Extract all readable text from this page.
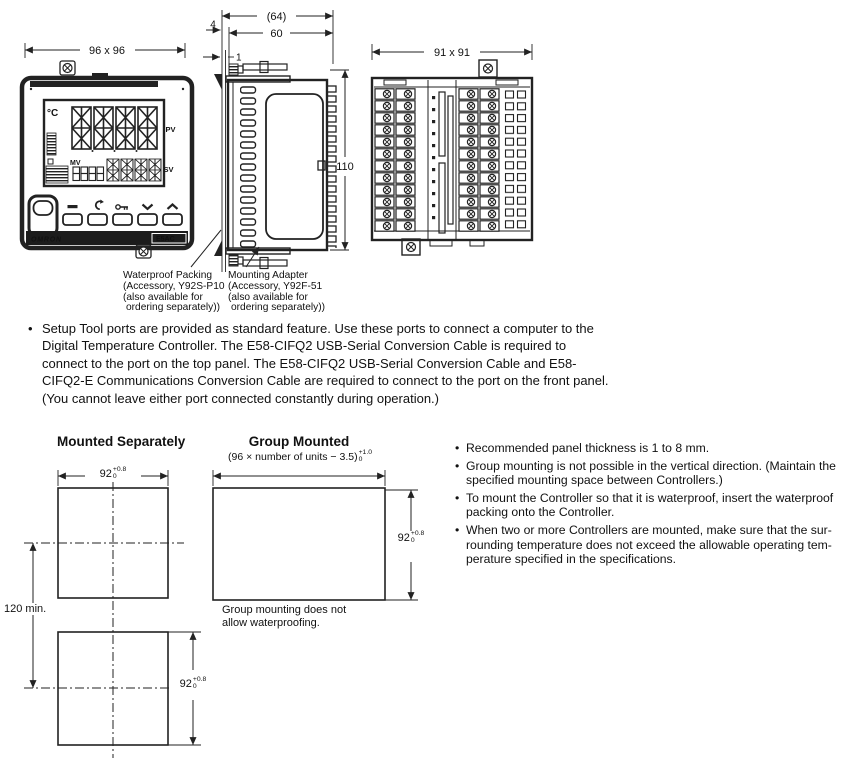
96 x 96
°C
PV
MV
SV
OMRON	E5AC
(64)
60
4
1
110
91 x 91
Waterproof Packing
(Accessory, Y92S-P10
(also available for
ordering separately))
Mounting Adapter
(Accessory, Y92F-51
(also available for
ordering separately))
• Setup Tool ports are provided as standard feature. Use these ports to connect a computer to the
Digital Temperature Controller. The E58-CIFQ2 USB-Serial Conversion Cable is required to
connect to the port on the top panel. The E58-CIFQ2 USB-Serial Conversion Cable and E58-
CIFQ2-E Communications Conversion Cable are required to connect to the port on the front panel.
(You cannot leave either port connected constantly during operation.)
Mounted Separately	Group Mounted
(96 × number of units − 3.5) +1.0
0
92 +0.8
0
120 min.
92 +0.8
0
92 +0.8
0
Group mounting does not
allow waterproofing.
• Recommended panel thickness is 1 to 8 mm.
• Group mounting is not possible in the vertical direction. (Maintain the
specified mounting space between Controllers.)
• To mount the Controller so that it is waterproof, insert the waterproof
packing onto the Controller.
• When two or more Controllers are mounted, make sure that the sur-
rounding temperature does not exceed the allowable operating tem-
perature specified in the specifications.
